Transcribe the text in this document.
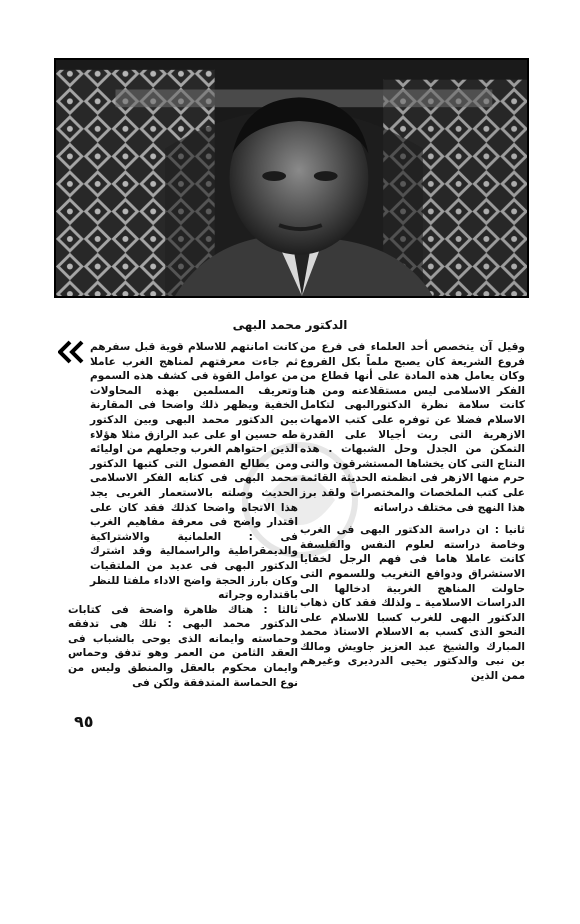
الدكتور محمد البهى

وقيل آن يتخصص أحد العلماء فى فرع من فروع الشريعة كان يصبح ملماً بكل الفروع وكان يعامل هذه المادة على أنها قطاع من الفكر الاسلامى ليس مستقلاعنه ومن هنا كانت سلامة نظرة الدكتورالبهى لتكامل الاسلام فضلا عن توفره على كتب الامهات الازهرية التى ربت أجيالا على القدرة التمكن من الجدل وحل الشبهات . هذه النتاج التى كان يخشاها المستشرقون والتى حرم منها الازهر فى انظمته الحديثة القائمة على كتب الملخصات والمختصرات ولقد برز هذا النهج فى مختلف دراساته

ثانيا : ان دراسة الدكتور البهى فى الغرب وخاصة دراسته لعلوم النفس والفلسفة كانت عاملا هاما فى فهم الرجل لخفايا الاستشراق ودوافع التغريب وللسموم التى حاولت المناهج الغربية ادخالها الى الدراسات الاسلامية ـ ولذلك فقد كان ذهاب الدكتور البهى للغرب كسبا للاسلام على النحو الذى كسب به الاسلام الاستاذ محمد المبارك والشيخ عبد العزيز جاويش ومالك بن نبى والدكتور يحيى الدرديرى وغيرهم ممن الذين

كانت امانتهم للاسلام قوية قبل سفرهم ثم جاءت معرفتهم لمناهج الغرب عاملا من عوامل القوة فى كشف هذه السموم وتعريف المسلمين بهذه المحاولات الخفية ويظهر ذلك واضحا فى المقارنة بين الدكتور محمد البهى وبين الدكتور طه حسين او على عبد الرازق مثلا هؤلاء الذين احتواهم الغرب وجعلهم من اوليائه ومن يطالع الفصول التى كتبها الدكتور محمد البهى فى كتابه الفكر الاسلامى الحديث وصلته بالاستعمار الغربى يجد هذا الاتجاه واضحا كذلك فقد كان على اقتدار واضح فى معرفة مفاهيم الغرب فى : العلمانية والاشتراكية والديمقراطية والراسمالية وقد اشترك الدكتور البهى فى عديد من الملتقيات وكان بارز الحجة واضح الاداء ملفتا للنظر باقتداره وجراته

ثالثا : هناك ظاهرة واضحة فى كتابات الدكتور محمد البهى : تلك هى تدفقه وحماسته وايمانه الذى يوحى بالشباب فى العقد الثامن من العمر وهو تدفق وحماس وايمان محكوم بالعقل والمنطق وليس من نوع الحماسة المتدفقة ولكن فى

٩٥
